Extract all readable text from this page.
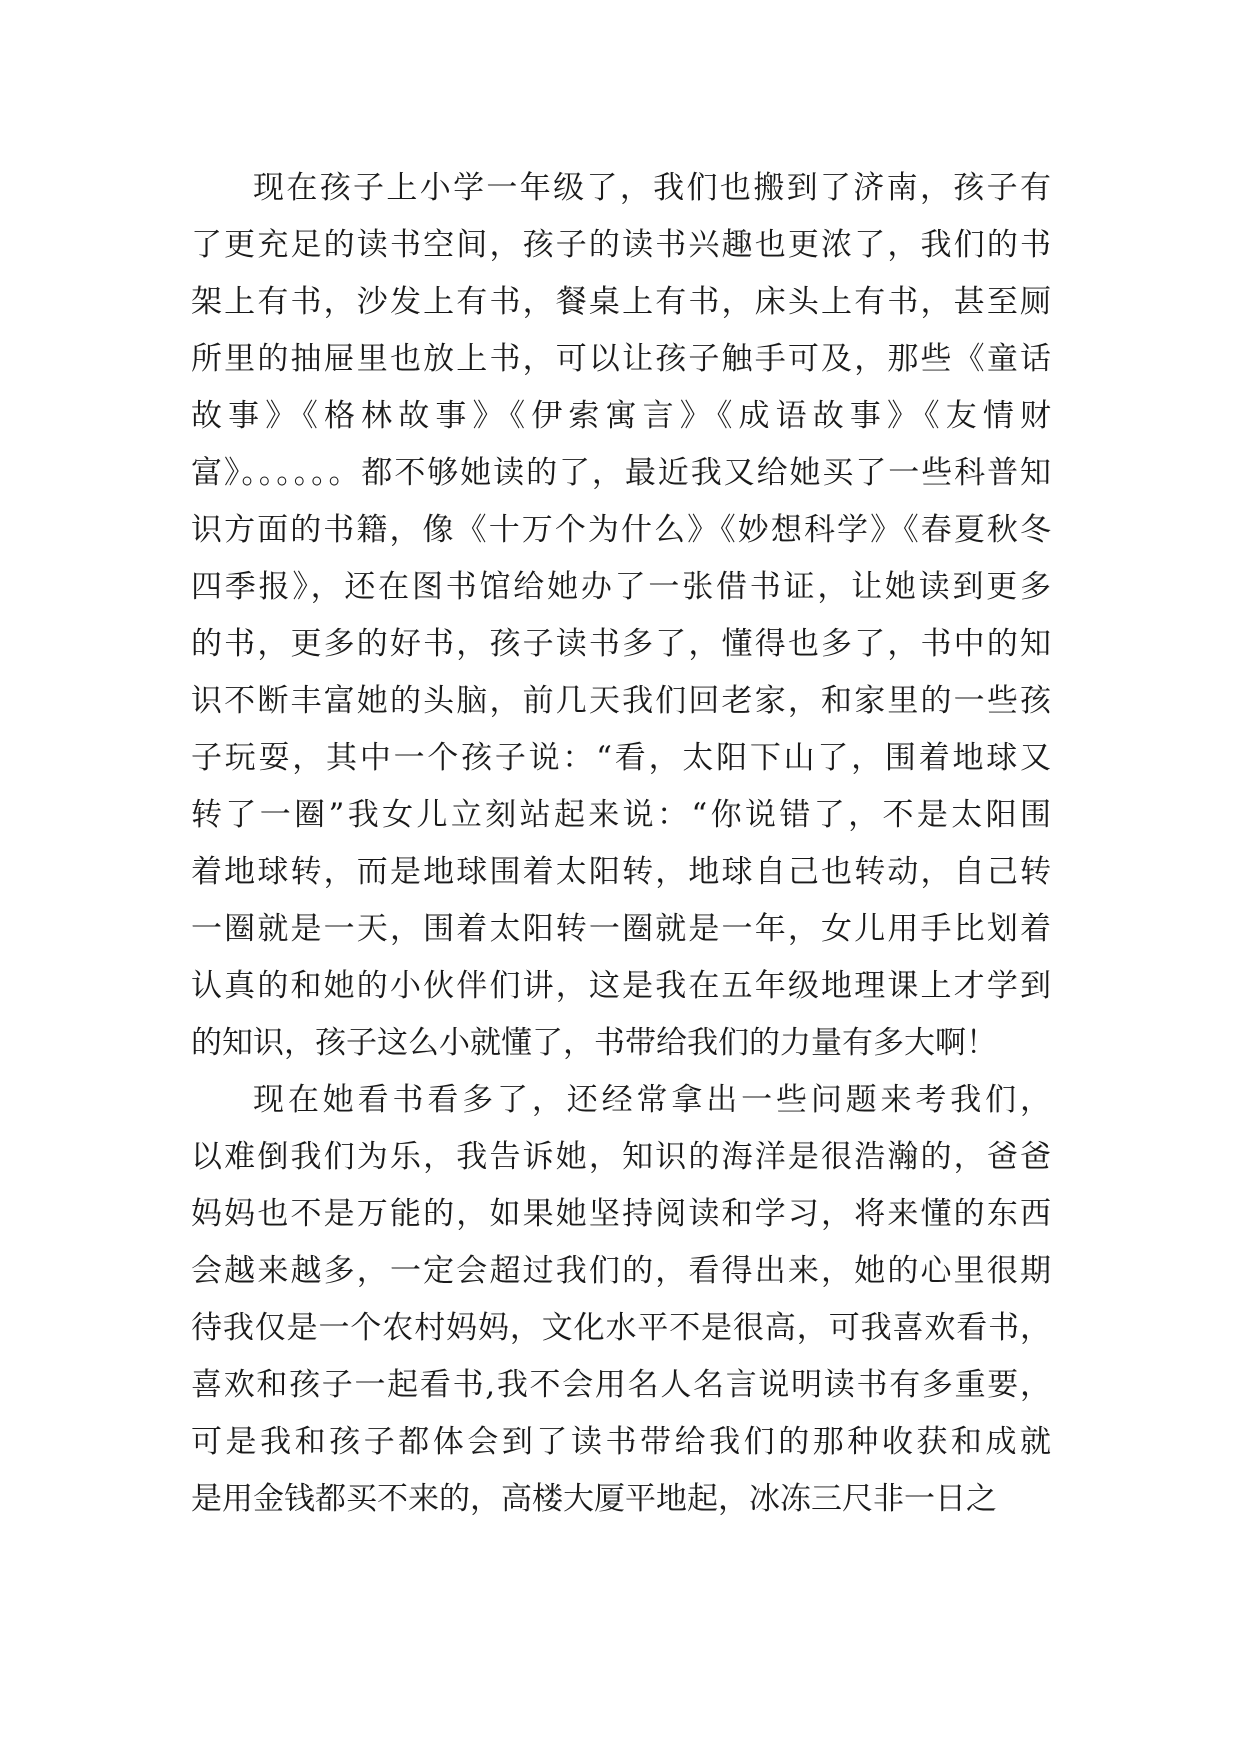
现在孩子上小学一年级了，我们也搬到了济南，孩子有
了更充足的读书空间，孩子的读书兴趣也更浓了，我们的书
架上有书，沙发上有书，餐桌上有书，床头上有书，甚至厕
所里的抽屉里也放上书，可以让孩子触手可及，那些《童话
故事》《格林故事》《伊索寓言》《成语故事》《友情财
富》。。。。。。都不够她读的了，最近我又给她买了一些科普知
识方面的书籍，像《十万个为什么》《妙想科学》《春夏秋冬
四季报》，还在图书馆给她办了一张借书证，让她读到更多
的书，更多的好书，孩子读书多了，懂得也多了，书中的知
识不断丰富她的头脑，前几天我们回老家，和家里的一些孩
子玩耍，其中一个孩子说：“看，太阳下山了，围着地球又
转了一圈”我女儿立刻站起来说：“你说错了，不是太阳围
着地球转，而是地球围着太阳转，地球自己也转动，自己转
一圈就是一天，围着太阳转一圈就是一年，女儿用手比划着
认真的和她的小伙伴们讲，这是我在五年级地理课上才学到
的知识，孩子这么小就懂了，书带给我们的力量有多大啊！
现在她看书看多了，还经常拿出一些问题来考我们，
以难倒我们为乐，我告诉她，知识的海洋是很浩瀚的，爸爸
妈妈也不是万能的，如果她坚持阅读和学习，将来懂的东西
会越来越多，一定会超过我们的，看得出来，她的心里很期
待我仅是一个农村妈妈，文化水平不是很高，可我喜欢看书，
喜欢和孩子一起看书,我不会用名人名言说明读书有多重要，
可是我和孩子都体会到了读书带给我们的那种收获和成就
是用金钱都买不来的，高楼大厦平地起，冰冻三尺非一日之
